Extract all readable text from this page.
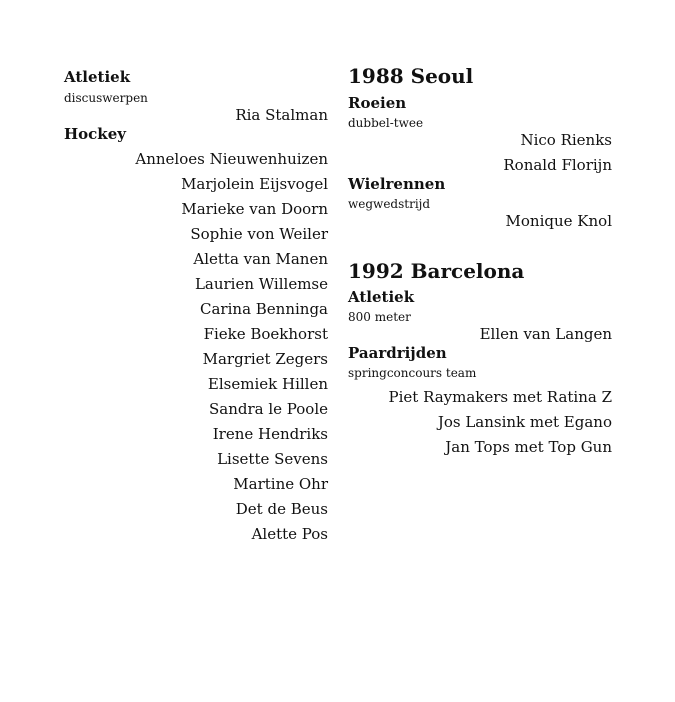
Atletiek
discuswerpen
Ria Stalman
Hockey
Anneloes Nieuwenhuizen
Marjolein Eijsvogel
Marieke van Doorn
Sophie von Weiler
Aletta van Manen
Laurien Willemse
Carina Benninga
Fieke Boekhorst
Margriet Zegers
Elsemiek Hillen
Sandra le Poole
Irene Hendriks
Lisette Sevens
Martine Ohr
Det de Beus
Alette Pos
1988 Seoul
Roeien
dubbel-twee
Nico Rienks
Ronald Florijn
Wielrennen
wegwedstrijd
Monique Knol
1992 Barcelona
Atletiek
800 meter
Ellen van Langen
Paardrijden
springconcours team
Piet Raymakers met Ratina Z
Jos Lansink met Egano
Jan Tops met Top Gun
